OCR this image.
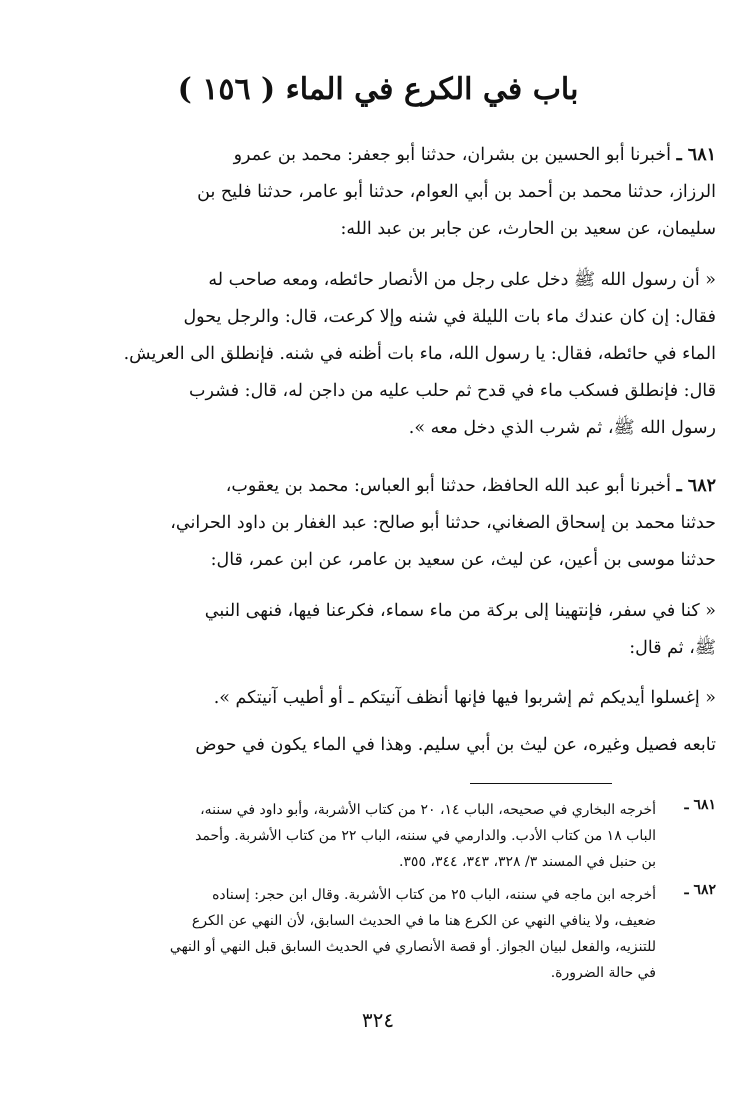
( ١٥٦ ) باب في الكرع في الماء
٦٨١ ـ أخبرنا أبو الحسين بن بشران، حدثنا أبو جعفر: محمد بن عمرو
الرزاز، حدثنا محمد بن أحمد بن أبي العوام، حدثنا أبو عامر، حدثنا فليح بن
سليمان، عن سعيد بن الحارث، عن جابر بن عبد الله:
« أن رسول الله ﷺ دخل على رجل من الأنصار حائطه، ومعه صاحب له
فقال: إن كان عندك ماء بات الليلة في شنه وإلا كرعت، قال: والرجل يحول
الماء في حائطه، فقال: يا رسول الله، ماء بات أظنه في شنه. فإنطلق الى العريش.
قال: فإنطلق فسكب ماء في قدح ثم حلب عليه من داجن له، قال: فشرب
رسول الله ﷺ، ثم شرب الذي دخل معه ».
٦٨٢ ـ أخبرنا أبو عبد الله الحافظ، حدثنا أبو العباس: محمد بن يعقوب،
حدثنا محمد بن إسحاق الصغاني، حدثنا أبو صالح: عبد الغفار بن داود الحراني،
حدثنا موسى بن أعين، عن ليث، عن سعيد بن عامر، عن ابن عمر، قال:
« كنا في سفر، فإنتهينا إلى بركة من ماء سماء، فكرعنا فيها، فنهى النبي
ﷺ، ثم قال:
« إغسلوا أيديكم ثم إشربوا فيها فإنها أنظف آنيتكم ـ أو أطيب آنيتكم ».
تابعه فصيل وغيره، عن ليث بن أبي سليم. وهذا في الماء يكون في حوض
٦٨١ ـ
أخرجه البخاري في صحيحه، الباب ١٤، ٢٠ من كتاب الأشربة، وأبو داود في سننه،
الباب ١٨ من كتاب الأدب. والدارمي في سننه، الباب ٢٢ من كتاب الأشربة. وأحمد
بن حنبل في المسند ٣/ ٣٢٨، ٣٤٣، ٣٤٤، ٣٥٥.
٦٨٢ ـ
أخرجه ابن ماجه في سننه، الباب ٢٥ من كتاب الأشربة. وقال ابن حجر: إسناده
ضعيف، ولا ينافي النهي عن الكرع هنا ما في الحديث السابق، لأن النهي عن الكرع
للتنزيه، والفعل لبيان الجواز. أو قصة الأنصاري في الحديث السابق قبل النهي أو النهي
في حالة الضرورة.
٣٢٤
